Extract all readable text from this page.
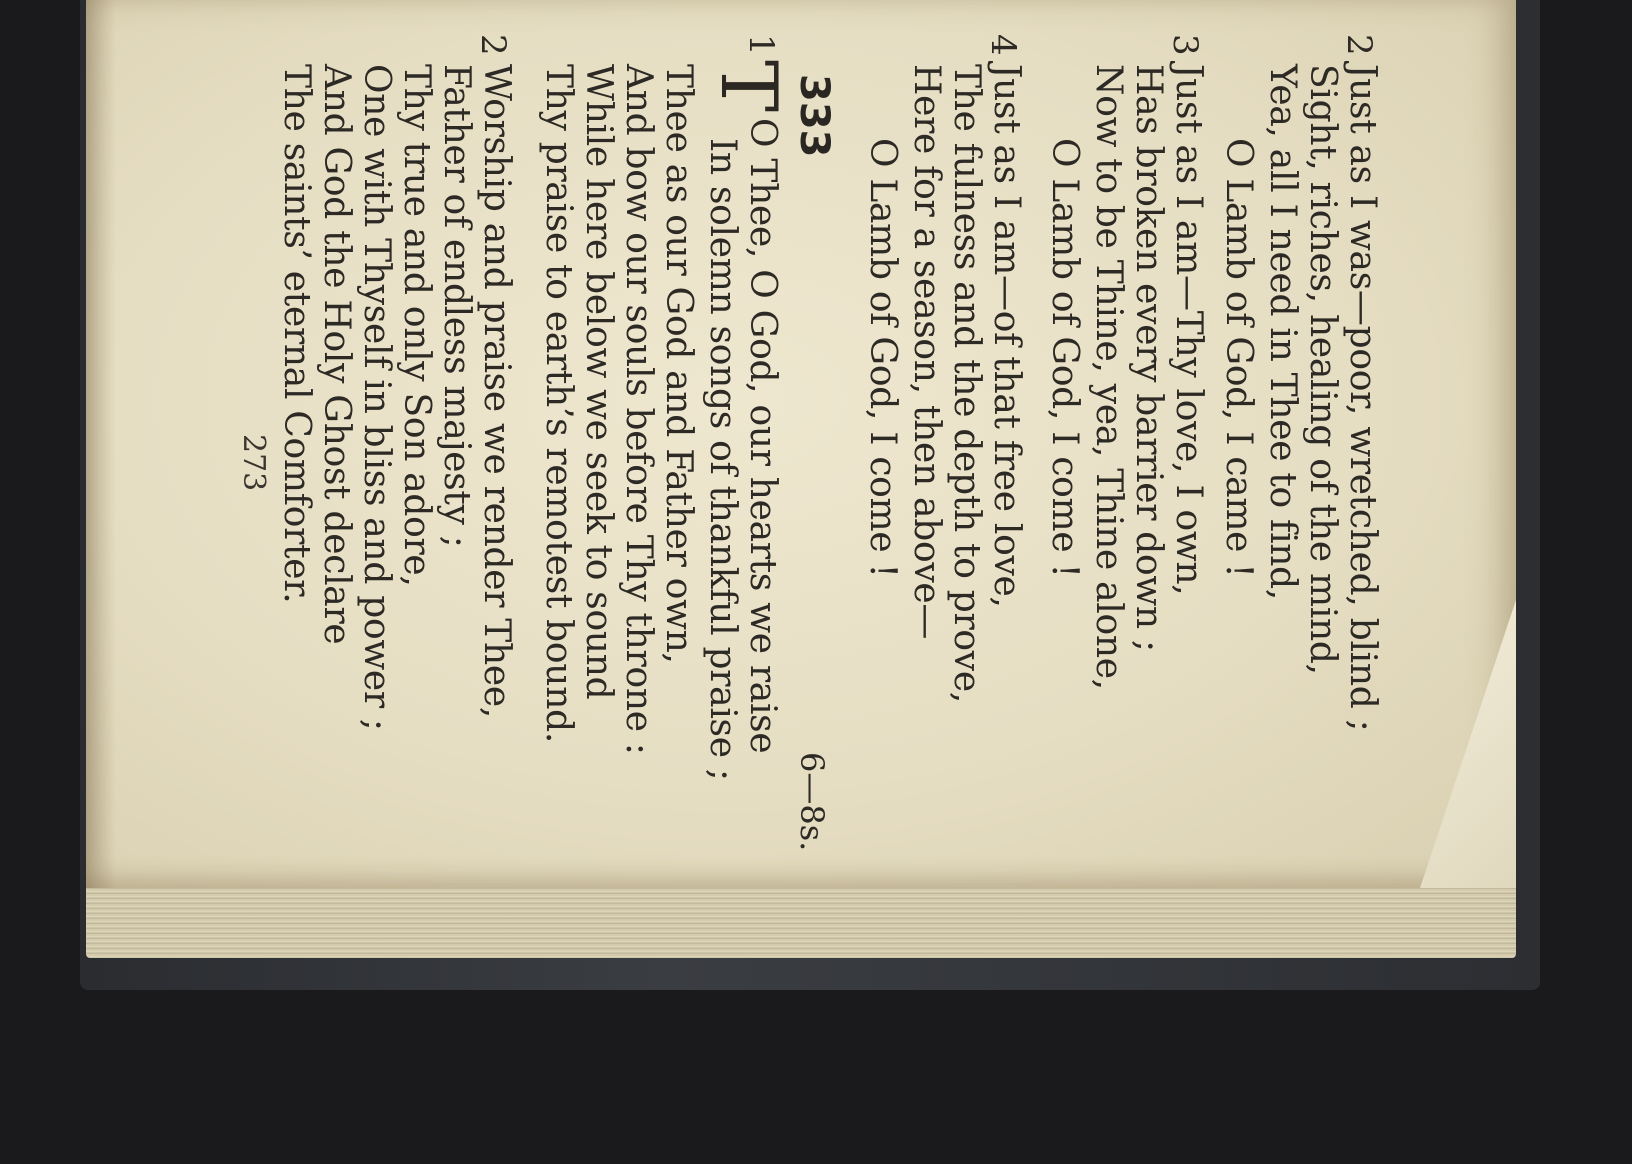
2
Just as I was—poor, wretched, blind ;
Sight, riches, healing of the mind,
Yea, all I need in Thee to find,
O Lamb of God, I came !
3
Just as I am—Thy love, I own,
Has broken every barrier down ;
Now to be Thine, yea, Thine alone,
O Lamb of God, I come !
4
Just as I am—of that free love,
The fulness and the depth to prove,
Here for a season, then above—
O Lamb of God, I come !
333
6—8s.
1
T
O Thee, O God, our hearts we raise
In solemn songs of thankful praise ;
Thee as our God and Father own,
And bow our souls before Thy throne :
While here below we seek to sound
Thy praise to earth’s remotest bound.
2
Worship and praise we render Thee,
Father of endless majesty ;
Thy true and only Son adore,
One with Thyself in bliss and power ;
And God the Holy Ghost declare
The saints’ eternal Comforter.
273
